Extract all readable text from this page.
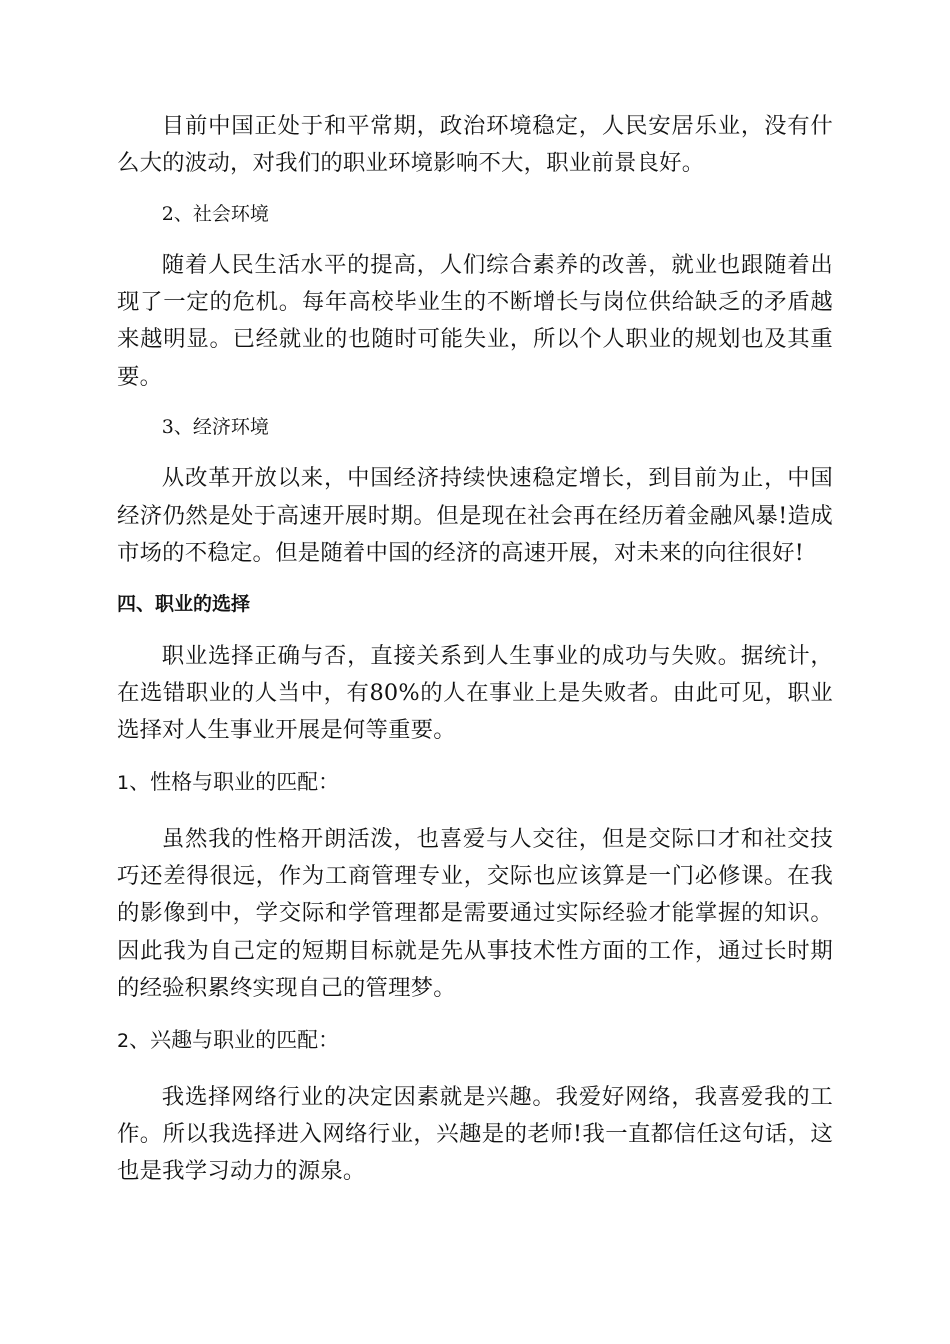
目前中国正处于和平常期，政治环境稳定，人民安居乐业，没有什么大的波动，对我们的职业环境影响不大，职业前景良好。

2、社会环境

随着人民生活水平的提高，人们综合素养的改善，就业也跟随着出现了一定的危机。每年高校毕业生的不断增长与岗位供给缺乏的矛盾越来越明显。已经就业的也随时可能失业，所以个人职业的规划也及其重要。

3、经济环境

从改革开放以来，中国经济持续快速稳定增长，到目前为止，中国经济仍然是处于高速开展时期。但是现在社会再在经历着金融风暴!造成市场的不稳定。但是随着中国的经济的高速开展，对未来的向往很好!

四、职业的选择

职业选择正确与否，直接关系到人生事业的成功与失败。据统计，在选错职业的人当中，有80%的人在事业上是失败者。由此可见，职业选择对人生事业开展是何等重要。

1、性格与职业的匹配：

虽然我的性格开朗活泼，也喜爱与人交往，但是交际口才和社交技巧还差得很远，作为工商管理专业，交际也应该算是一门必修课。在我的影像到中，学交际和学管理都是需要通过实际经验才能掌握的知识。因此我为自己定的短期目标就是先从事技术性方面的工作，通过长时期的经验积累终实现自己的管理梦。

2、兴趣与职业的匹配：

我选择网络行业的决定因素就是兴趣。我爱好网络，我喜爱我的工作。所以我选择进入网络行业，兴趣是的老师!我一直都信任这句话，这也是我学习动力的源泉。
